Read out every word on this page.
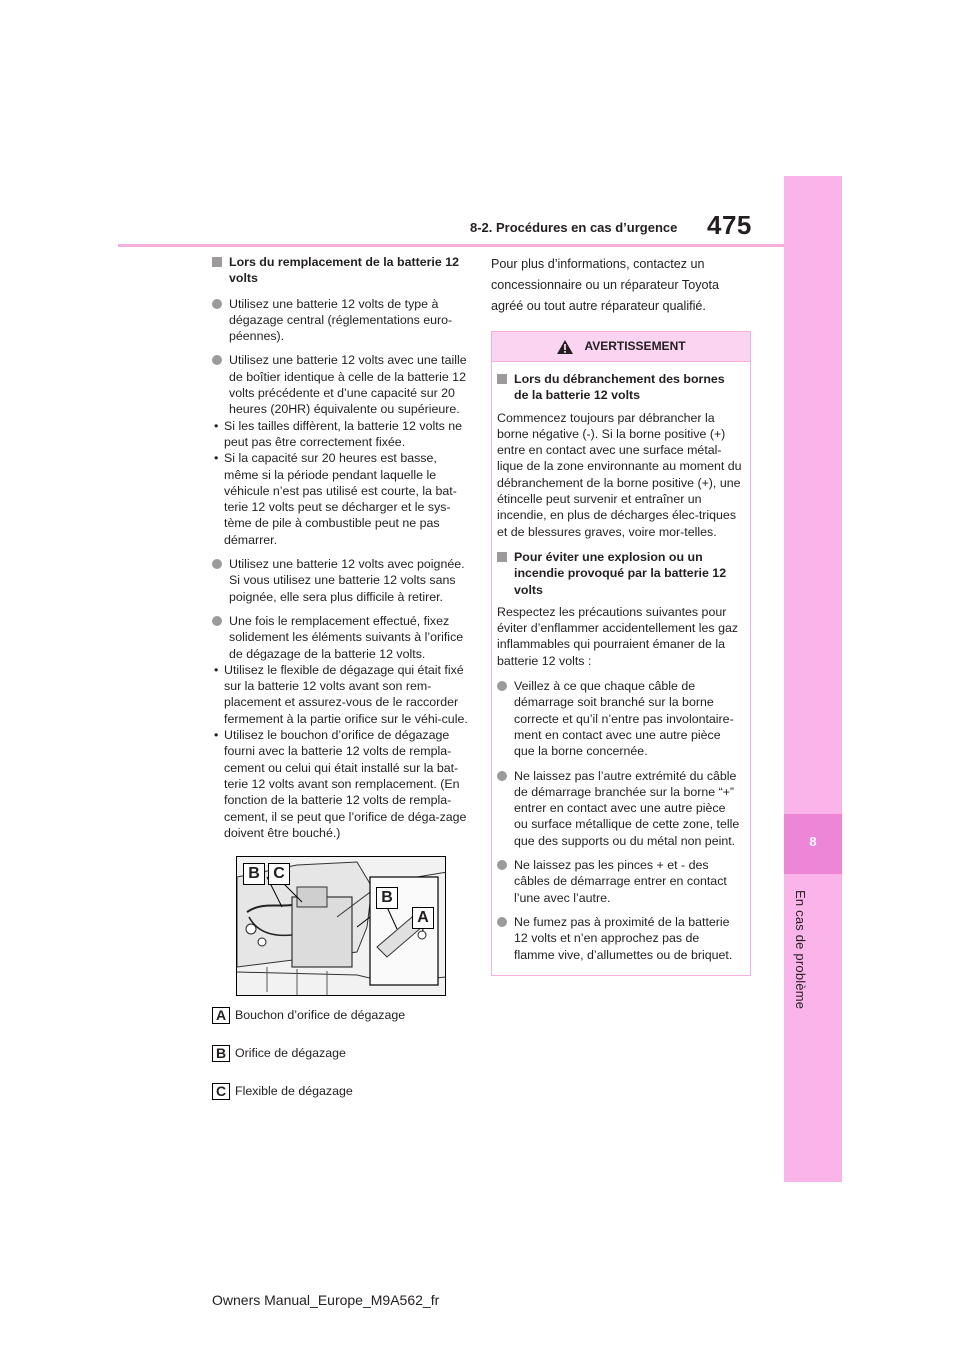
8
En cas de problème
475
8-2. Procédures en cas d’urgence
Lors du remplacement de la batterie 12 volts
Utilisez une batterie 12 volts de type à dégazage central (réglementations euro-péennes).
Utilisez une batterie 12 volts avec une taille de boîtier identique à celle de la batterie 12 volts précédente et d’une capacité sur 20 heures (20HR) équivalente ou supérieure.
• Si les tailles diffèrent, la batterie 12 volts ne peut pas être correctement fixée.
• Si la capacité sur 20 heures est basse, même si la période pendant laquelle le véhicule n’est pas utilisé est courte, la bat-terie 12 volts peut se décharger et le sys-tème de pile à combustible peut ne pas démarrer.
Utilisez une batterie 12 volts avec poignée. Si vous utilisez une batterie 12 volts sans poignée, elle sera plus difficile à retirer.
Une fois le remplacement effectué, fixez solidement les éléments suivants à l’orifice de dégazage de la batterie 12 volts.
• Utilisez le flexible de dégazage qui était fixé sur la batterie 12 volts avant son rem-placement et assurez-vous de le raccorder fermement à la partie orifice sur le véhi-cule.
• Utilisez le bouchon d’orifice de dégazage fourni avec la batterie 12 volts de rempla-cement ou celui qui était installé sur la bat-terie 12 volts avant son remplacement. (En fonction de la batterie 12 volts de rempla-cement, il se peut que l’orifice de déga-zage doivent être bouché.)
B C
B
A
A Bouchon d’orifice de dégazage
B Orifice de dégazage
C Flexible de dégazage

Pour plus d’informations, contactez un concessionnaire ou un réparateur Toyota agréé ou tout autre réparateur qualifié.

AVERTISSEMENT
Lors du débranchement des bornes de la batterie 12 volts

Commencez toujours par débrancher la borne négative (-). Si la borne positive (+) entre en contact avec une surface métal-lique de la zone environnante au moment du débranchement de la borne positive (+), une étincelle peut survenir et entraîner un incendie, en plus de décharges élec-triques et de blessures graves, voire mor-telles.

Pour éviter une explosion ou un incendie provoqué par la batterie 12 volts

Respectez les précautions suivantes pour éviter d’enflammer accidentellement les gaz inflammables qui pourraient émaner de la batterie 12 volts :

Veillez à ce que chaque câble de démarrage soit branché sur la borne correcte et qu’il n’entre pas involontaire-ment en contact avec une autre pièce que la borne concernée.
Ne laissez pas l’autre extrémité du câble de démarrage branchée sur la borne “+” entrer en contact avec une autre pièce ou surface métallique de cette zone, telle que des supports ou du métal non peint.
Ne laissez pas les pinces + et - des câbles de démarrage entrer en contact l’une avec l’autre.
Ne fumez pas à proximité de la batterie 12 volts et n’en approchez pas de flamme vive, d’allumettes ou de briquet.
Owners Manual_Europe_M9A562_fr
